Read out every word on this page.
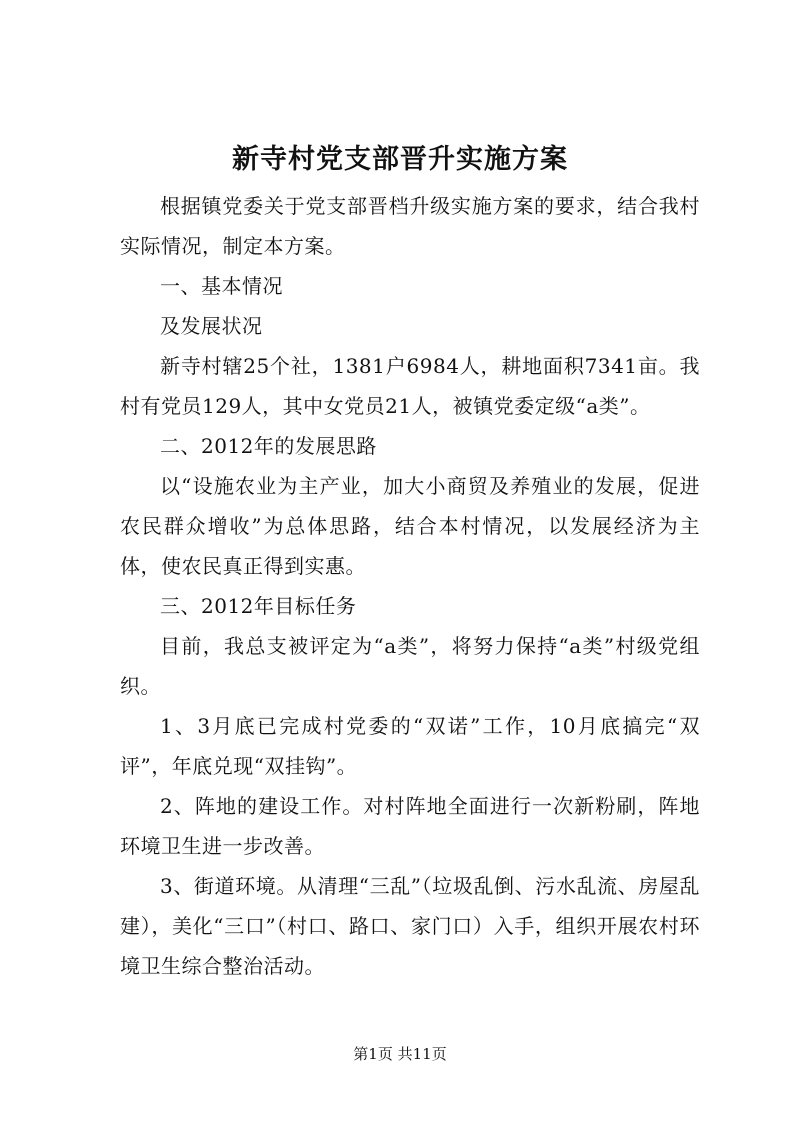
新寺村党支部晋升实施方案

根据镇党委关于党支部晋档升级实施方案的要求，结合我村实际情况，制定本方案。

一、基本情况

及发展状况

新寺村辖25个社，1381户6984人，耕地面积7341亩。我村有党员129人，其中女党员21人，被镇党委定级“a类”。

二、2012年的发展思路

以“设施农业为主产业，加大小商贸及养殖业的发展，促进农民群众增收”为总体思路，结合本村情况，以发展经济为主体，使农民真正得到实惠。

三、2012年目标任务

目前，我总支被评定为“a类”，将努力保持“a类”村级党组织。

1、3月底已完成村党委的“双诺”工作，10月底搞完“双评”，年底兑现“双挂钩”。

2、阵地的建设工作。对村阵地全面进行一次新粉刷，阵地环境卫生进一步改善。

3、街道环境。从清理“三乱”（垃圾乱倒、污水乱流、房屋乱建），美化“三口”（村口、路口、家门口）入手，组织开展农村环境卫生综合整治活动。

第1页 共11页
